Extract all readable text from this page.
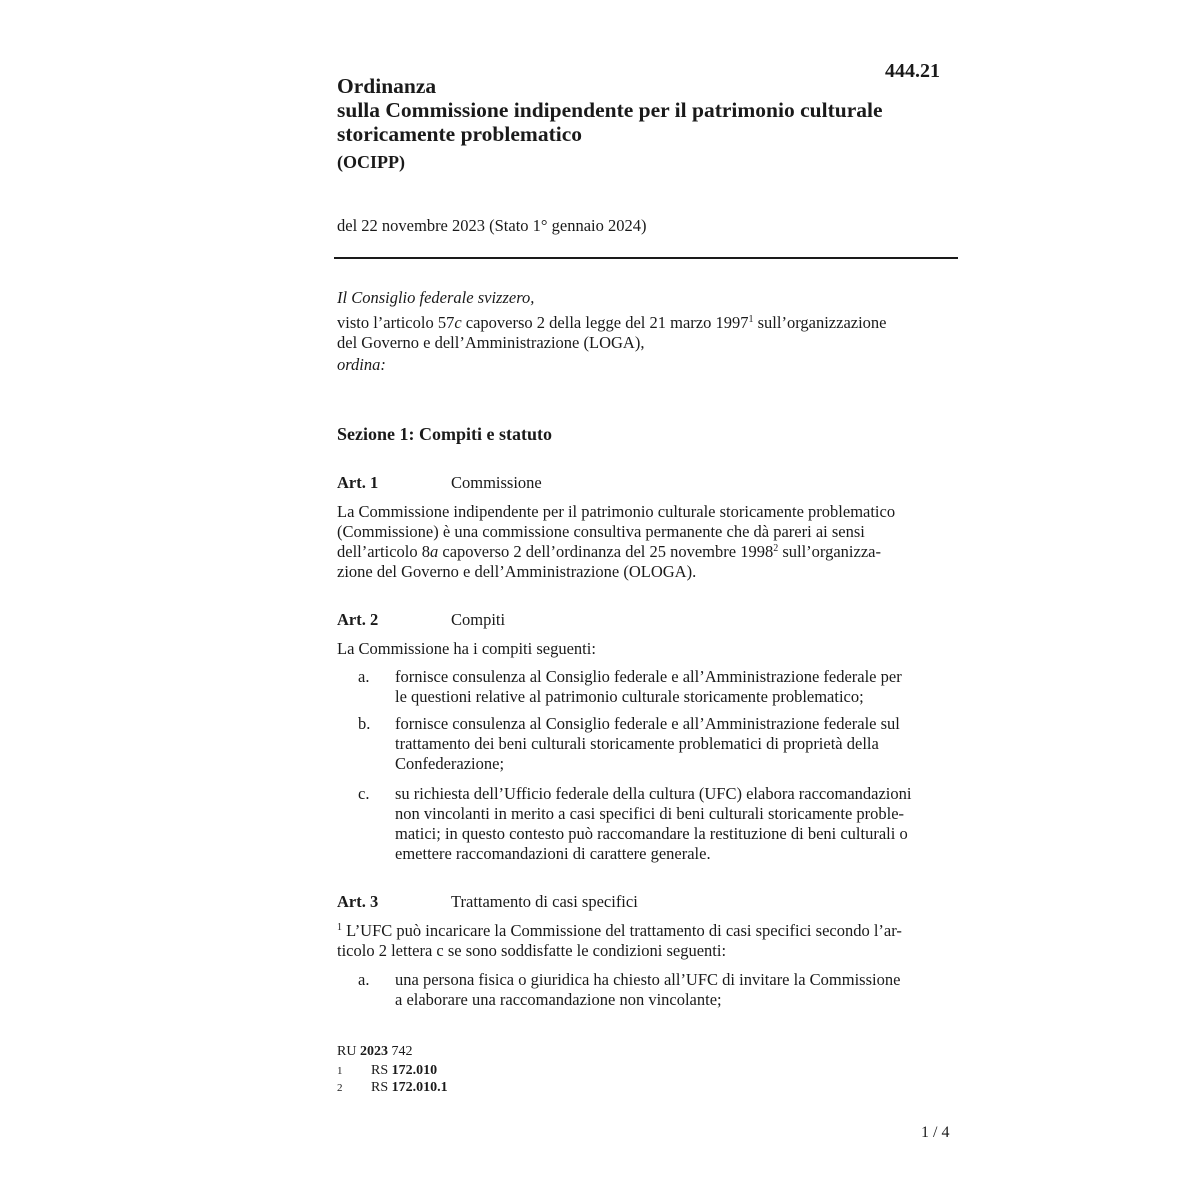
444.21
Ordinanza
sulla Commissione indipendente per il patrimonio culturale
storicamente problematico
(OCIPP)
del 22 novembre 2023 (Stato 1° gennaio 2024)

Il Consiglio federale svizzero,

visto l’articolo 57c capoverso 2 della legge del 21 marzo 1997$^1$ sull’organizzazione

del Governo e dell’Amministrazione (LOGA),

ordina:

Sezione 1: Compiti e statuto
Art. 1	Commissione
La Commissione indipendente per il patrimonio culturale storicamente problematico
(Commissione) è una commissione consultiva permanente che dà pareri ai sensi
dell’articolo 8a capoverso 2 dell’ordinanza del 25 novembre 1998$^2$ sull’organizza-
zione del Governo e dell’Amministrazione (OLOGA).
Art. 2	Compiti
La Commissione ha i compiti seguenti:
a. fornisce consulenza al Consiglio federale e all’Amministrazione federale per
le questioni relative al patrimonio culturale storicamente problematico;
b. fornisce consulenza al Consiglio federale e all’Amministrazione federale sul
trattamento dei beni culturali storicamente problematici di proprietà della
Confederazione;
c. su richiesta dell’Ufficio federale della cultura (UFC) elabora raccomandazioni
non vincolanti in merito a casi specifici di beni culturali storicamente proble-
matici; in questo contesto può raccomandare la restituzione di beni culturali o
emettere raccomandazioni di carattere generale.
Art. 3	Trattamento di casi specifici
$^1$ L’UFC può incaricare la Commissione del trattamento di casi specifici secondo l’ar-
ticolo 2 lettera c se sono soddisfatte le condizioni seguenti:
a. una persona fisica o giuridica ha chiesto all’UFC di invitare la Commissione
a elaborare una raccomandazione non vincolante;
RU 2023 742
1 RS 172.010
2 RS 172.010.1
1 / 4
